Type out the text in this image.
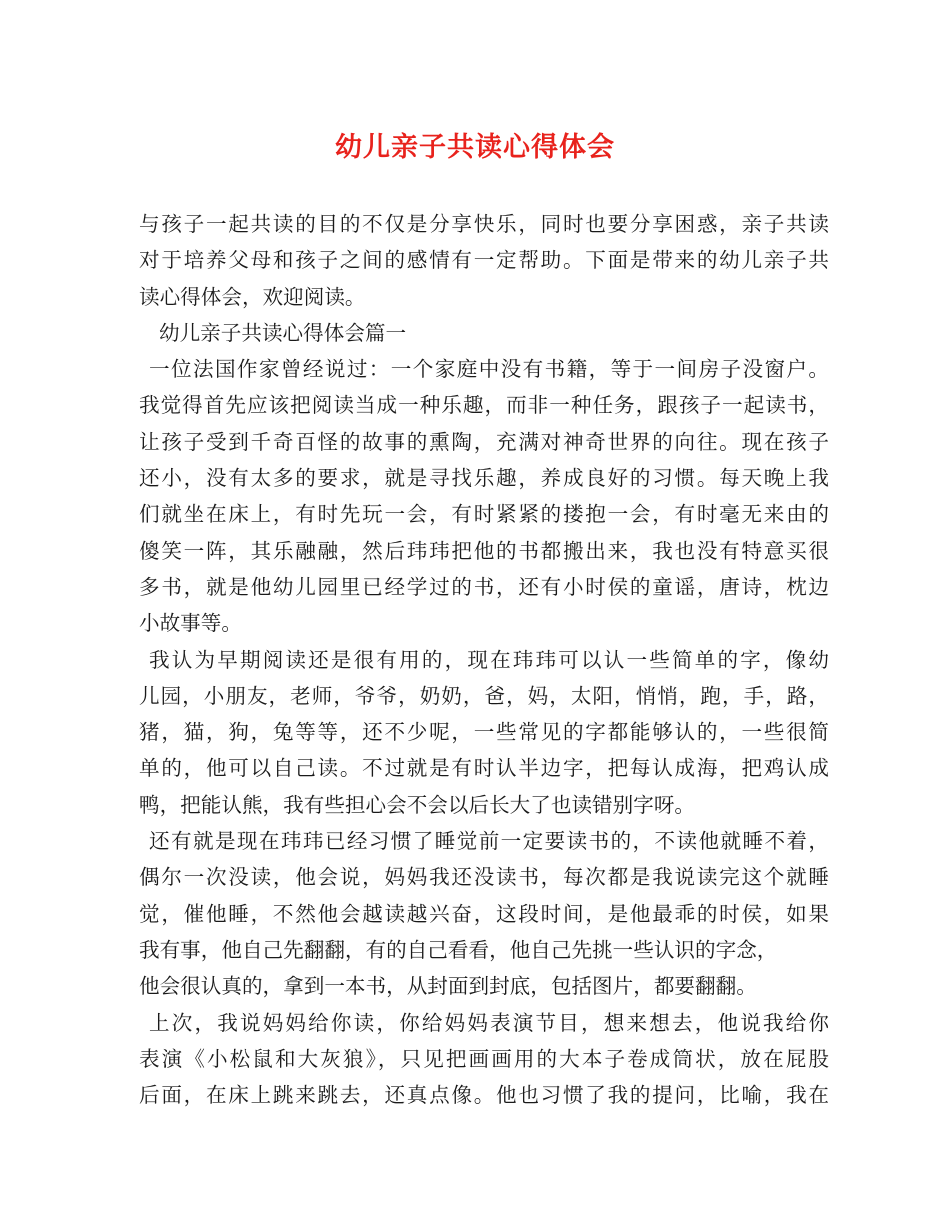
幼儿亲子共读心得体会
与孩子一起共读的目的不仅是分享快乐，同时也要分享困惑，亲子共读
对于培养父母和孩子之间的感情有一定帮助。下面是带来的幼儿亲子共
读心得体会，欢迎阅读。
幼儿亲子共读心得体会篇一
一位法国作家曾经说过：一个家庭中没有书籍，等于一间房子没窗户。
我觉得首先应该把阅读当成一种乐趣，而非一种任务，跟孩子一起读书，
让孩子受到千奇百怪的故事的熏陶，充满对神奇世界的向往。现在孩子
还小，没有太多的要求，就是寻找乐趣，养成良好的习惯。每天晚上我
们就坐在床上，有时先玩一会，有时紧紧的搂抱一会，有时毫无来由的
傻笑一阵，其乐融融，然后玮玮把他的书都搬出来，我也没有特意买很
多书，就是他幼儿园里已经学过的书，还有小时侯的童谣，唐诗，枕边
小故事等。
我认为早期阅读还是很有用的，现在玮玮可以认一些简单的字，像幼
儿园，小朋友，老师，爷爷，奶奶，爸，妈，太阳，悄悄，跑，手，路，
猪，猫，狗，兔等等，还不少呢，一些常见的字都能够认的，一些很简
单的，他可以自己读。不过就是有时认半边字，把每认成海，把鸡认成
鸭，把能认熊，我有些担心会不会以后长大了也读错别字呀。
还有就是现在玮玮已经习惯了睡觉前一定要读书的，不读他就睡不着，
偶尔一次没读，他会说，妈妈我还没读书，每次都是我说读完这个就睡
觉，催他睡，不然他会越读越兴奋，这段时间，是他最乖的时侯，如果
我有事，他自己先翻翻，有的自己看看，他自己先挑一些认识的字念，
他会很认真的，拿到一本书，从封面到封底，包括图片，都要翻翻。
上次，我说妈妈给你读，你给妈妈表演节目，想来想去，他说我给你
表演《小松鼠和大灰狼》，只见把画画用的大本子卷成筒状，放在屁股
后面，在床上跳来跳去，还真点像。他也习惯了我的提问，比喻，我在
